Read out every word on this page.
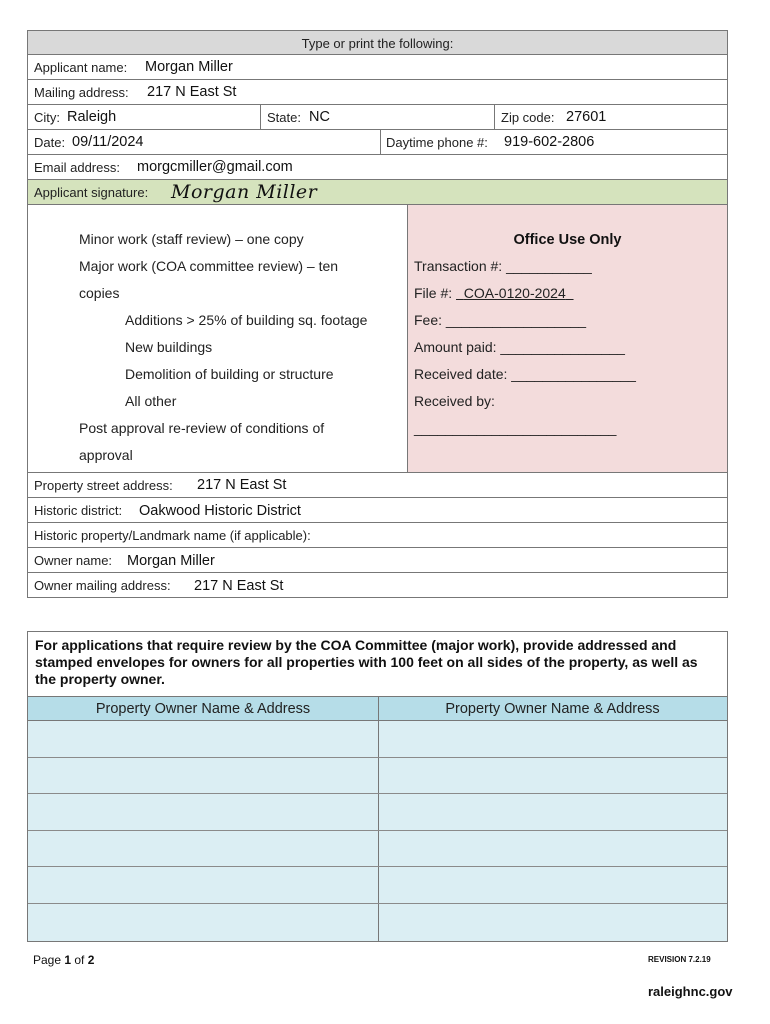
Type or print the following:
Applicant name: Morgan Miller
Mailing address: 217 N East St
City: Raleigh	State: NC	Zip code: 27601
Date: 09/11/2024	Daytime phone #: 919-602-2806
Email address: morgcmiller@gmail.com
Applicant signature: Morgan Miller
Minor work (staff review) – one copy
Major work (COA committee review) – ten
copies
Additions > 25% of building sq. footage
New buildings
Demolition of building or structure
All other
Post approval re-review of conditions of
approval
Office Use Only
Transaction #: ___________
File #:   COA-0120-2024
Fee: __________________
Amount paid: ________________
Received date: ________________
Received by:
__________________________
Property street address: 217 N East St
Historic district: Oakwood Historic District
Historic property/Landmark name (if applicable):
Owner name: Morgan Miller
Owner mailing address: 217 N East St
For applications that require review by the COA Committee (major work), provide addressed and stamped envelopes for owners for all properties with 100 feet on all sides of the property, as well as the property owner.
Property Owner Name & Address	Property Owner Name & Address
Page 1 of 2	REVISION 7.2.19
raleighnc.gov
